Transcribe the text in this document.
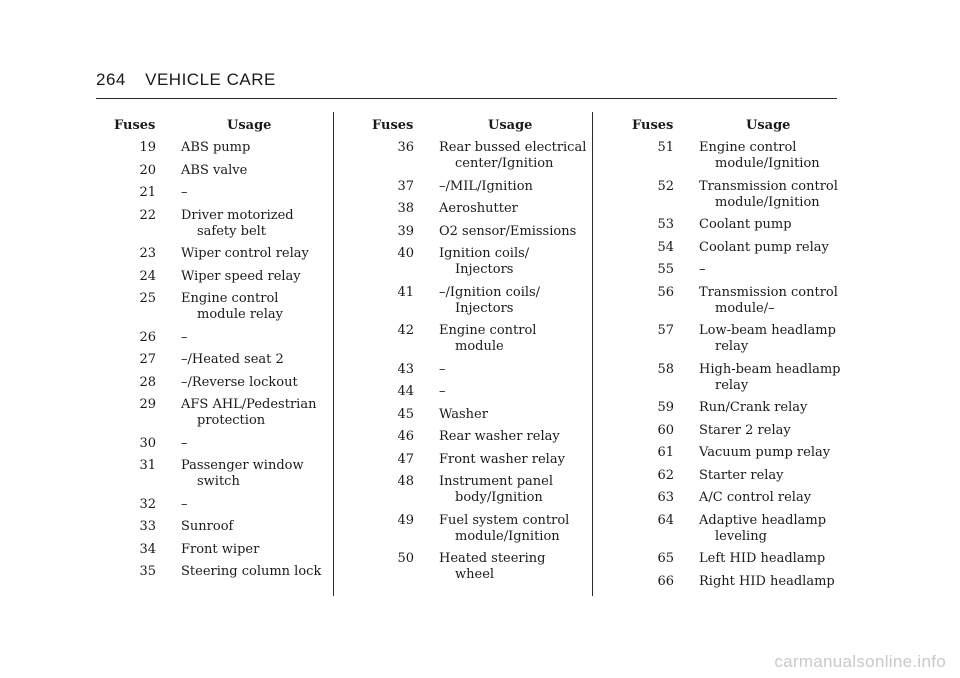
264 VEHICLE CARE
Fuses	Usage
19 ABS pump
20 ABS valve
21 –
22 Driver motorized
safety belt
23 Wiper control relay
24 Wiper speed relay
25 Engine control
module relay
26 –
27 –/Heated seat 2
28 –/Reverse lockout
29 AFS AHL/Pedestrian
protection
30 –
31 Passenger window
switch
32 –
33 Sunroof
34 Front wiper
35 Steering column lock
Fuses	Usage
36 Rear bussed electrical
center/Ignition
37 –/MIL/Ignition
38 Aeroshutter
39 O2 sensor/Emissions
40 Ignition coils/
Injectors
41 –/Ignition coils/
Injectors
42 Engine control
module
43 –
44 –
45 Washer
46 Rear washer relay
47 Front washer relay
48 Instrument panel
body/Ignition
49 Fuel system control
module/Ignition
50 Heated steering
wheel
Fuses	Usage
51 Engine control
module/Ignition
52 Transmission control
module/Ignition
53 Coolant pump
54 Coolant pump relay
55 –
56 Transmission control
module/–
57 Low-beam headlamp
relay
58 High-beam headlamp
relay
59 Run/Crank relay
60 Starer 2 relay
61 Vacuum pump relay
62 Starter relay
63 A/C control relay
64 Adaptive headlamp
leveling
65 Left HID headlamp
66 Right HID headlamp
carmanualsonline.info
